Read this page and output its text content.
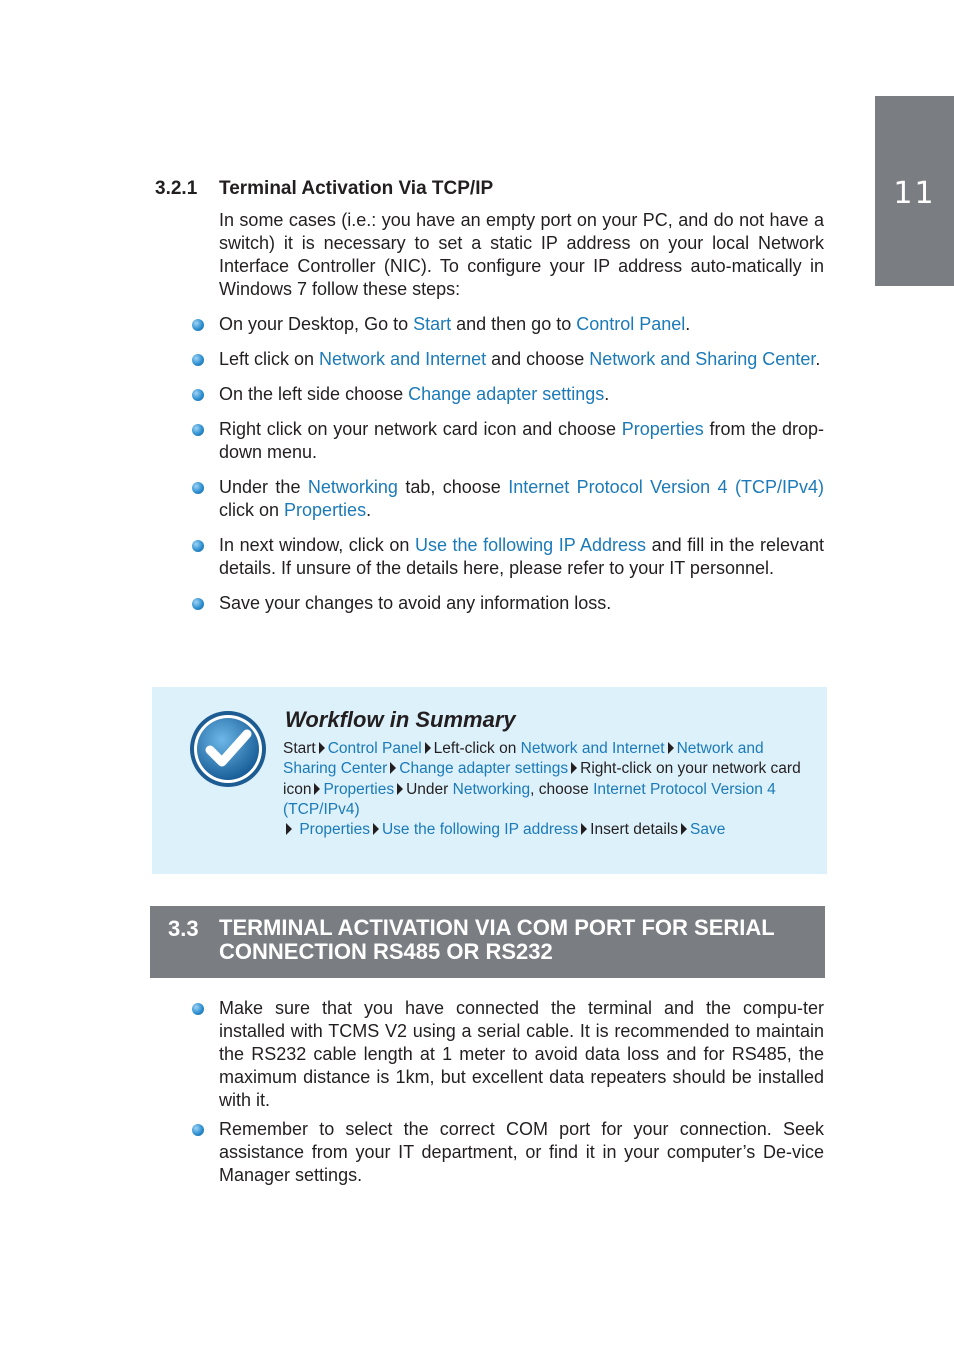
11
3.2.1 Terminal Activation Via TCP/IP

In some cases (i.e.: you have an empty port on your PC, and do not have a switch) it is necessary to set a static IP address on your local Network Interface Controller (NIC). To configure your IP address auto-matically in Windows 7 follow these steps:

On your Desktop, Go to Start and then go to Control Panel.
Left click on Network and Internet and choose Network and Sharing Center.
On the left side choose Change adapter settings.
Right click on your network card icon and choose Properties from the drop-down menu.
Under the Networking tab, choose Internet Protocol Version 4 (TCP/IPv4) click on Properties.
In next window, click on Use the following IP Address and fill in the relevant details. If unsure of the details here, please refer to your IT personnel.
Save your changes to avoid any information loss.
Workflow in Summary

Start Control Panel Left-click on Network and Internet Network and Sharing Center Change adapter settings Right-click on your network card icon Properties Under Networking, choose Internet Protocol Version 4 (TCP/IPv4)
Properties Use the following IP address Insert details Save

3.3 TERMINAL ACTIVATION VIA COM PORT FOR SERIAL CONNECTION RS485 OR RS232
Make sure that you have connected the terminal and the compu-ter installed with TCMS V2 using a serial cable. It is recommended to maintain the RS232 cable length at 1 meter to avoid data loss and for RS485, the maximum distance is 1km, but excellent data repeaters should be installed with it.
Remember to select the correct COM port for your connection. Seek assistance from your IT department, or find it in your computer’s De-vice Manager settings.
